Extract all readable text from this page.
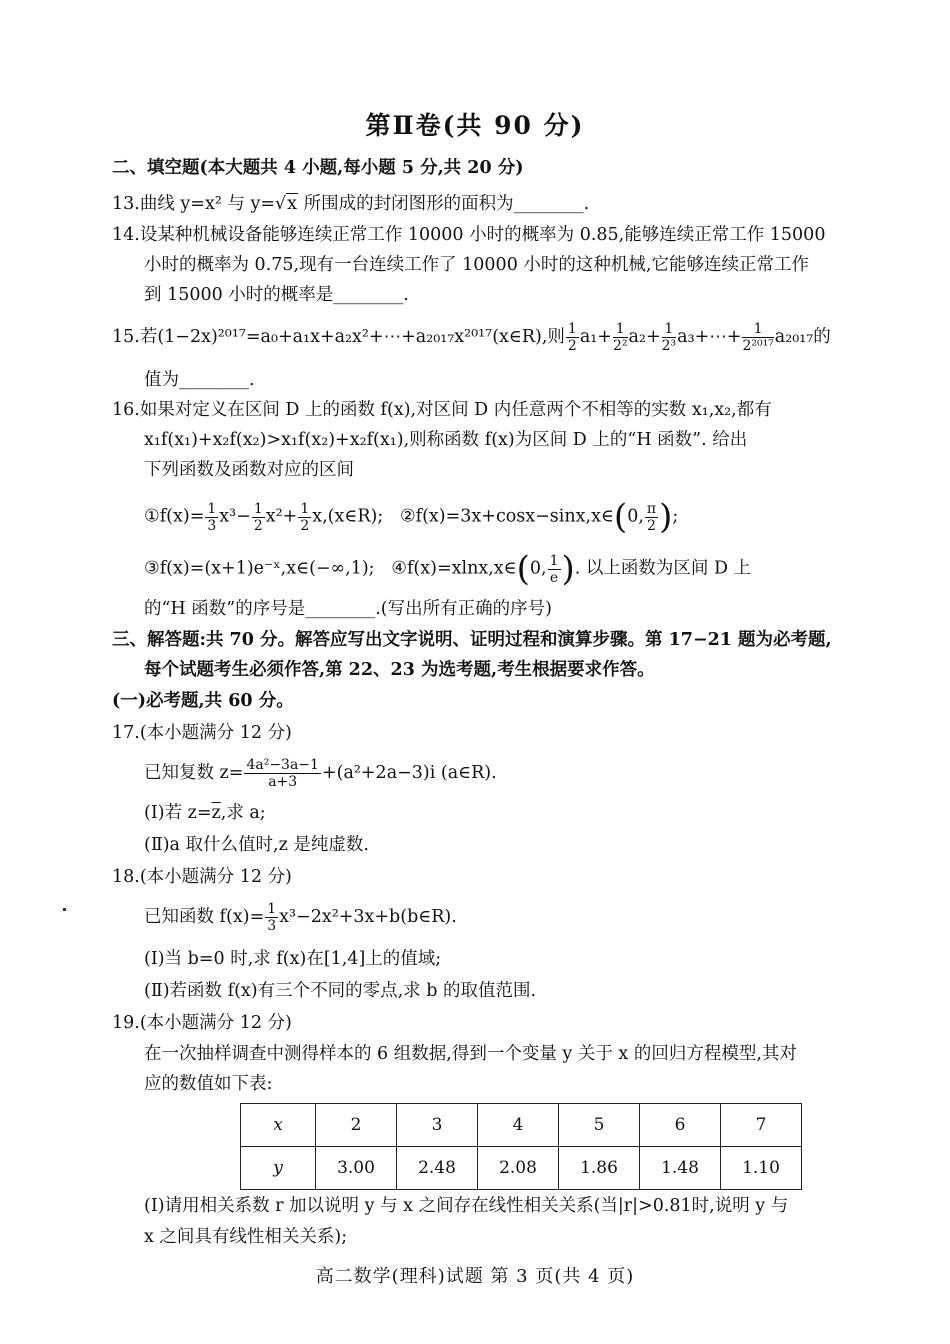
第Ⅱ卷(共 90 分)
二、填空题(本大题共 4 小题,每小题 5 分,共 20 分)
13.曲线 y=x² 与 y=√x 所围成的封闭图形的面积为________.
14.设某种机械设备能够连续正常工作 10000 小时的概率为 0.85,能够连续正常工作 15000
小时的概率为 0.75,现有一台连续工作了 10000 小时的这种机械,它能够连续正常工作
到 15000 小时的概率是________.
15.若(1−2x)²⁰¹⁷=a₀+a₁x+a₂x²+⋯+a₂₀₁₇x²⁰¹⁷(x∈R),则 $\frac{1}{2} a_1+ \frac{1}{\text{2²}} a_2+ \frac{1}{\text{2³}}$ a₃+⋯+ $\frac{1}{\text{2²⁰¹⁷}} a_{2017}$的
值为________.
16.如果对定义在区间 D 上的函数 f(x),对区间 D 内任意两个不相等的实数 x₁,x₂,都有
x₁f(x₁)+x₂f(x₂)>x₁f(x₂)+x₂f(x₁),则称函数 f(x)为区间 D 上的“H 函数”. 给出
下列函数及函数对应的区间
①f(x)= $\frac{1}{3} x^3- \frac{1}{2} x^2+ \frac{1}{2}$ x,(x∈R); ②f(x)=3x+cosx−sinx,x∈(0, $\frac{\pi}{2}$ );
③f(x)=(x+1)e⁻ˣ,x∈(−∞,1); ④f(x)=xlnx,x∈(0, $\frac{1}{e}$ ). 以上函数为区间 D 上
的“H 函数”的序号是________.(写出所有正确的序号)
三、解答题:共 70 分。解答应写出文字说明、证明过程和演算步骤。第 17−21 题为必考题,
每个试题考生必须作答,第 22、23 为选考题,考生根据要求作答。
(一)必考题,共 60 分。
17.(本小题满分 12 分)
已知复数 $z= \frac{\text{4a²−3a−1}}{a+3} +(a^2+2a-3)i$ (a∈R).
(Ⅰ)若 $z=\overline{z}$,求 a;
(Ⅱ)a 取什么值时,z 是纯虚数.
18.(本小题满分 12 分)
已知函数 $f(x)= \frac{1}{3}$ x³−2x²+3x+b(b∈R).
(Ⅰ)当 b=0 时,求 f(x)在[1,4]上的值域;
(Ⅱ)若函数 f(x)有三个不同的零点,求 b 的取值范围.
19.(本小题满分 12 分)
在一次抽样调查中测得样本的 6 组数据,得到一个变量 y 关于 x 的回归方程模型,其对
应的数值如下表:
x	2	3	4	5	6	7
y	3.00	2.48	2.08	1.86	1.48	1.10
(Ⅰ)请用相关系数 r 加以说明 y 与 x 之间存在线性相关关系(当|r|>0.81时,说明 y 与
x 之间具有线性相关关系);
高二数学(理科)试题 第 3 页(共 4 页)
